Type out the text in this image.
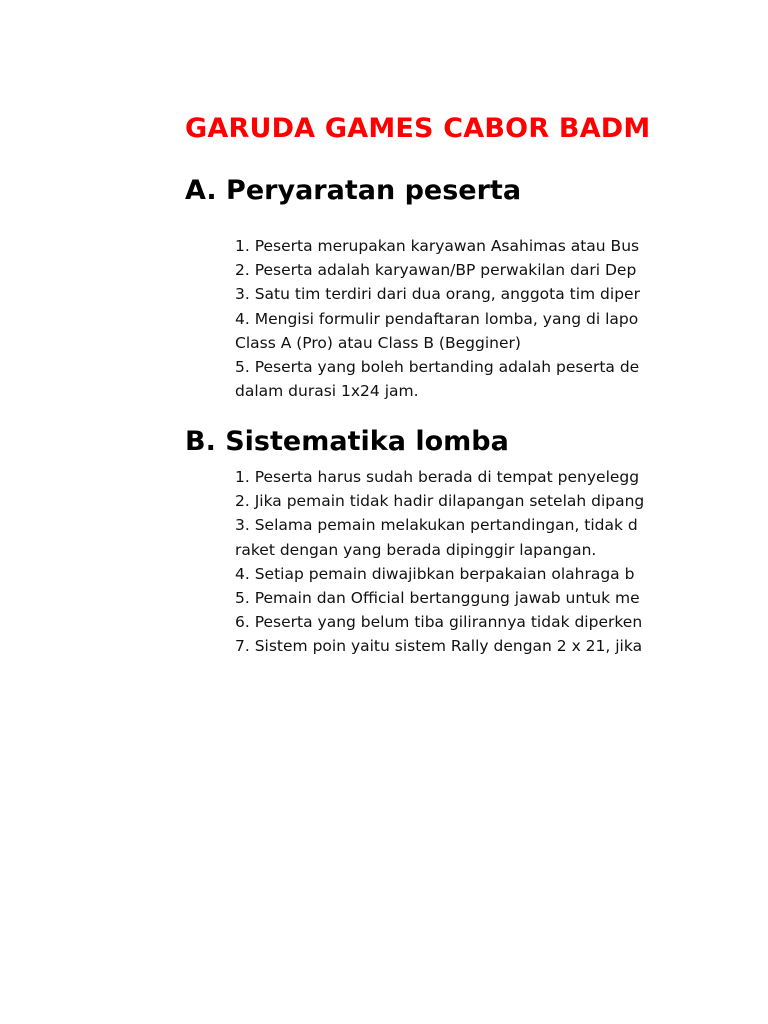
GARUDA GAMES CABOR BADM
A. Peryaratan peserta
1. Peserta merupakan karyawan Asahimas atau Bus
2. Peserta adalah karyawan/BP perwakilan dari Dep
3. Satu tim terdiri dari dua orang, anggota tim diper
4. Mengisi formulir pendaftaran lomba, yang di lapo
Class A (Pro) atau Class B (Begginer)
5. Peserta yang boleh bertanding adalah peserta de
dalam durasi 1x24 jam.
B. Sistematika lomba
1. Peserta harus sudah berada di tempat penyelegg
2. Jika pemain tidak hadir dilapangan setelah dipang
3. Selama pemain melakukan pertandingan, tidak d
raket dengan yang berada dipinggir lapangan.
4. Setiap pemain diwajibkan berpakaian olahraga b
5. Pemain dan Official bertanggung jawab untuk me
6. Peserta yang belum tiba gilirannya tidak diperken
7. Sistem poin yaitu sistem Rally dengan 2 x 21, jika
